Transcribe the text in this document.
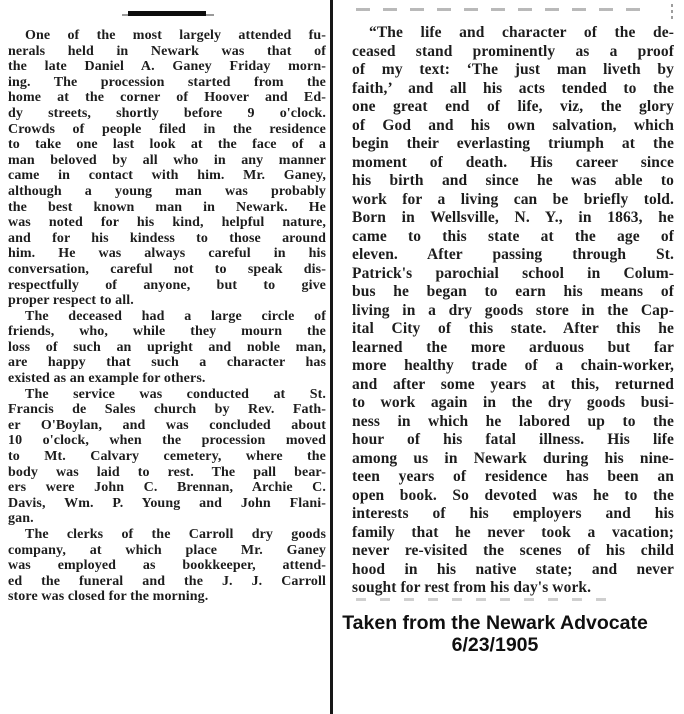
One of the most largely attended fu-
nerals held in Newark was that of
the late Daniel A. Ganey Friday morn-
ing. The procession started from the
home at the corner of Hoover and Ed-
dy streets, shortly before 9 o'clock.
Crowds of people filed in the residence
to take one last look at the face of a
man beloved by all who in any manner
came in contact with him. Mr. Ganey,
although a young man was probably
the best known man in Newark. He
was noted for his kind, helpful nature,
and for his kindess to those around
him. He was always careful in his
conversation, careful not to speak dis-
respectfully of anyone, but to give
proper respect to all.
The deceased had a large circle of
friends, who, while they mourn the
loss of such an upright and noble man,
are happy that such a character has
existed as an example for others.
The service was conducted at St.
Francis de Sales church by Rev. Fath-
er O'Boylan, and was concluded about
10 o'clock, when the procession moved
to Mt. Calvary cemetery, where the
body was laid to rest. The pall bear-
ers were John C. Brennan, Archie C.
Davis, Wm. P. Young and John Flani-
gan.
The clerks of the Carroll dry goods
company, at which place Mr. Ganey
was employed as bookkeeper, attend-
ed the funeral and the J. J. Carroll
store was closed for the morning.
“The life and character of the de-
ceased stand prominently as a proof
of my text: ‘The just man liveth by
faith,’ and all his acts tended to the
one great end of life, viz, the glory
of God and his own salvation, which
begin their everlasting triumph at the
moment of death. His career since
his birth and since he was able to
work for a living can be briefly told.
Born in Wellsville, N. Y., in 1863, he
came to this state at the age of
eleven. After passing through St.
Patrick's parochial school in Colum-
bus he began to earn his means of
living in a dry goods store in the Cap-
ital City of this state. After this he
learned the more arduous but far
more healthy trade of a chain-worker,
and after some years at this, returned
to work again in the dry goods busi-
ness in which he labored up to the
hour of his fatal illness. His life
among us in Newark during his nine-
teen years of residence has been an
open book. So devoted was he to the
interests of his employers and his
family that he never took a vacation;
never re-visited the scenes of his child
hood in his native state; and never
sought for rest from his day's work.
Taken from the Newark Advocate
6/23/1905
